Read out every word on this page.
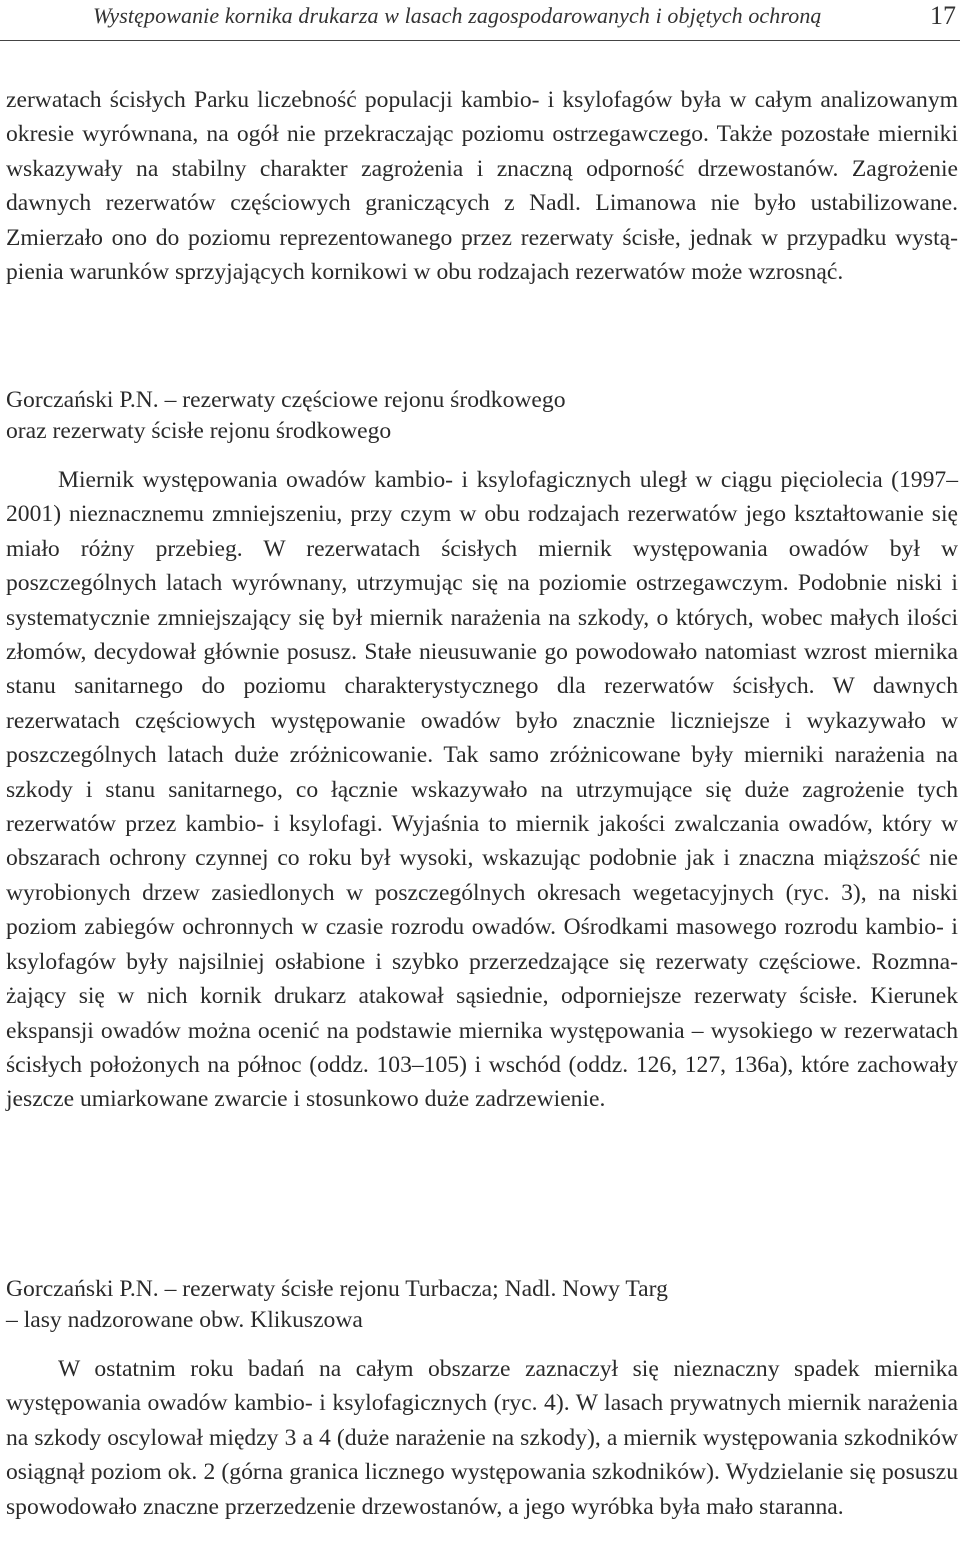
Występowanie kornika drukarza w lasach zagospodarowanych i objętych ochroną	17

zerwatach ścisłych Parku liczebność populacji kambio- i ksylofagów była w całym analizowanym okresie wyrównana, na ogół nie przekraczając poziomu ostrzegawczego. Także pozostałe mierniki wskazywały na stabilny charakter zagrożenia i znaczną odporność drzewostanów. Zagrożenie dawnych rezerwatów częściowych graniczących z Nadl. Limanowa nie było ustabilizowane. Zmierzało ono do poziomu reprezentowanego przez rezerwaty ścisłe, jednak w przypadku wystąpienia warunków sprzyjających kornikowi w obu rodzajach rezerwatów może wzrosnąć.

Gorczański P.N. – rezerwaty częściowe rejonu środkowego
oraz rezerwaty ścisłe rejonu środkowego

Miernik występowania owadów kambio- i ksylofagicznych uległ w ciągu pięciolecia (1997–2001) nieznacznemu zmniejszeniu, przy czym w obu rodzajach rezerwatów jego kształtowanie się miało różny przebieg. W rezerwatach ścisłych miernik występowania owadów był w poszczególnych latach wyrównany, utrzymując się na poziomie ostrzegawczym. Podobnie niski i systematycznie zmniejszający się był miernik narażenia na szkody, o których, wobec małych ilości złomów, decydował głównie posusz. Stałe nieusuwanie go powodowało natomiast wzrost miernika stanu sanitarnego do poziomu charakterystycznego dla rezerwatów ścisłych. W dawnych rezerwatach częściowych występowanie owadów było znacznie liczniejsze i wykazywało w poszczególnych latach duże zróżnicowanie. Tak samo zróżnicowane były mierniki narażenia na szkody i stanu sanitarnego, co łącznie wskazywało na utrzymujące się duże zagrożenie tych rezerwatów przez kambio- i ksylofagi. Wyjaśnia to miernik jakości zwalczania owadów, który w obszarach ochrony czynnej co roku był wysoki, wskazując podobnie jak i znaczna miąższość nie wyrobionych drzew zasiedlonych w poszczególnych okresach wegetacyjnych (ryc. 3), na niski poziom zabiegów ochronnych w czasie rozrodu owadów. Ośrodkami masowego rozrodu kambio- i ksylofagów były najsilniej osłabione i szybko przerzedzające się rezerwaty częściowe. Rozmnażający się w nich kornik drukarz atakował sąsiednie, odporniejsze rezerwaty ścisłe. Kierunek ekspansji owadów można ocenić na podstawie miernika występowania – wysokiego w rezerwatach ścisłych położonych na północ (oddz. 103–105) i wschód (oddz. 126, 127, 136a), które zachowały jeszcze umiarkowane zwarcie i stosunkowo duże zadrzewienie.

Gorczański P.N. – rezerwaty ścisłe rejonu Turbacza; Nadl. Nowy Targ
– lasy nadzorowane obw. Klikuszowa

W ostatnim roku badań na całym obszarze zaznaczył się nieznaczny spadek miernika występowania owadów kambio- i ksylofagicznych (ryc. 4). W lasach prywatnych miernik narażenia na szkody oscylował między 3 a 4 (duże narażenie na szkody), a miernik występowania szkodników osiągnął poziom ok. 2 (górna granica licznego występowania szkodników). Wydzielanie się posuszu spowodowało znaczne przerzedzenie drzewostanów, a jego wyróbka była mało staranna.
